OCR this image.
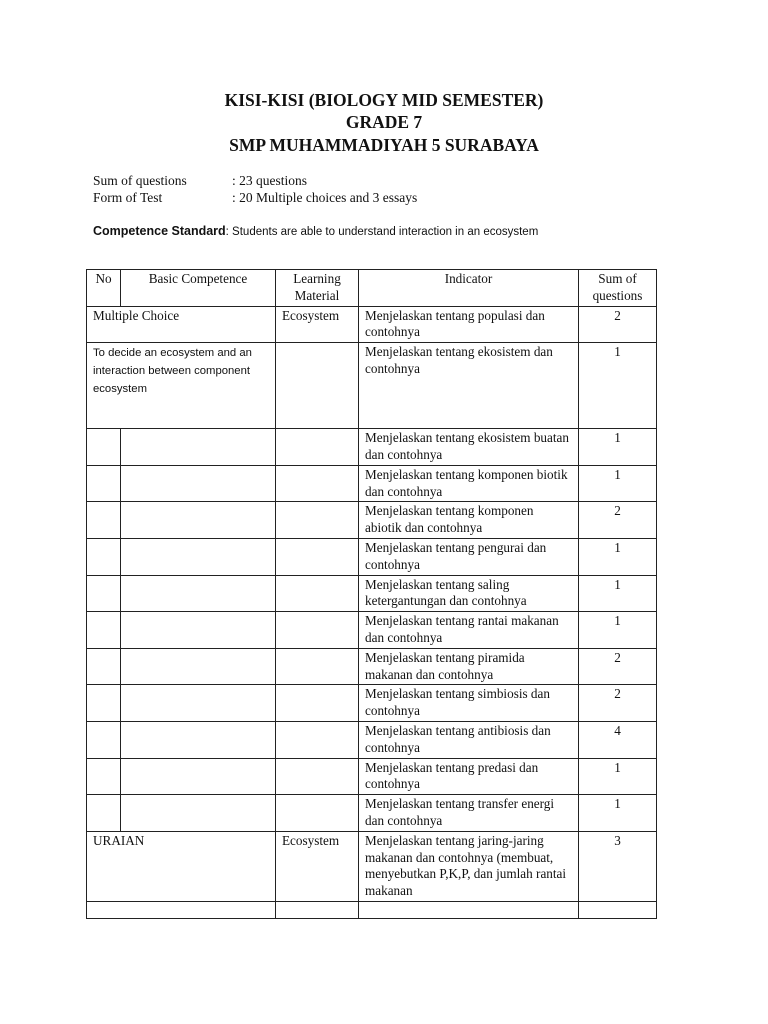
KISI-KISI (BIOLOGY MID SEMESTER)
GRADE 7
SMP MUHAMMADIYAH 5 SURABAYA
Sum of questions	: 23 questions
Form of Test	: 20 Multiple choices and 3 essays
Competence Standard: Students are able to understand interaction in an ecosystem
No	Basic Competence	Learning Material	Indicator	Sum of questions
Multiple Choice		Ecosystem	Menjelaskan tentang populasi dan contohnya	2
To decide an ecosystem and an interaction between component ecosystem			Menjelaskan tentang ekosistem dan contohnya	1
			Menjelaskan tentang ekosistem buatan dan contohnya	1
			Menjelaskan tentang komponen biotik dan contohnya	1
			Menjelaskan tentang komponen abiotik dan contohnya	2
			Menjelaskan tentang pengurai dan contohnya	1
			Menjelaskan tentang saling ketergantungan dan contohnya	1
			Menjelaskan tentang rantai makanan dan contohnya	1
			Menjelaskan tentang piramida makanan dan contohnya	2
			Menjelaskan tentang simbiosis dan contohnya	2
			Menjelaskan tentang antibiosis dan contohnya	4
			Menjelaskan tentang predasi dan contohnya	1
			Menjelaskan tentang transfer energi dan contohnya	1
URAIAN		Ecosystem	Menjelaskan tentang jaring-jaring makanan dan contohnya (membuat, menyebutkan P,K,P, dan jumlah rantai makanan	3
